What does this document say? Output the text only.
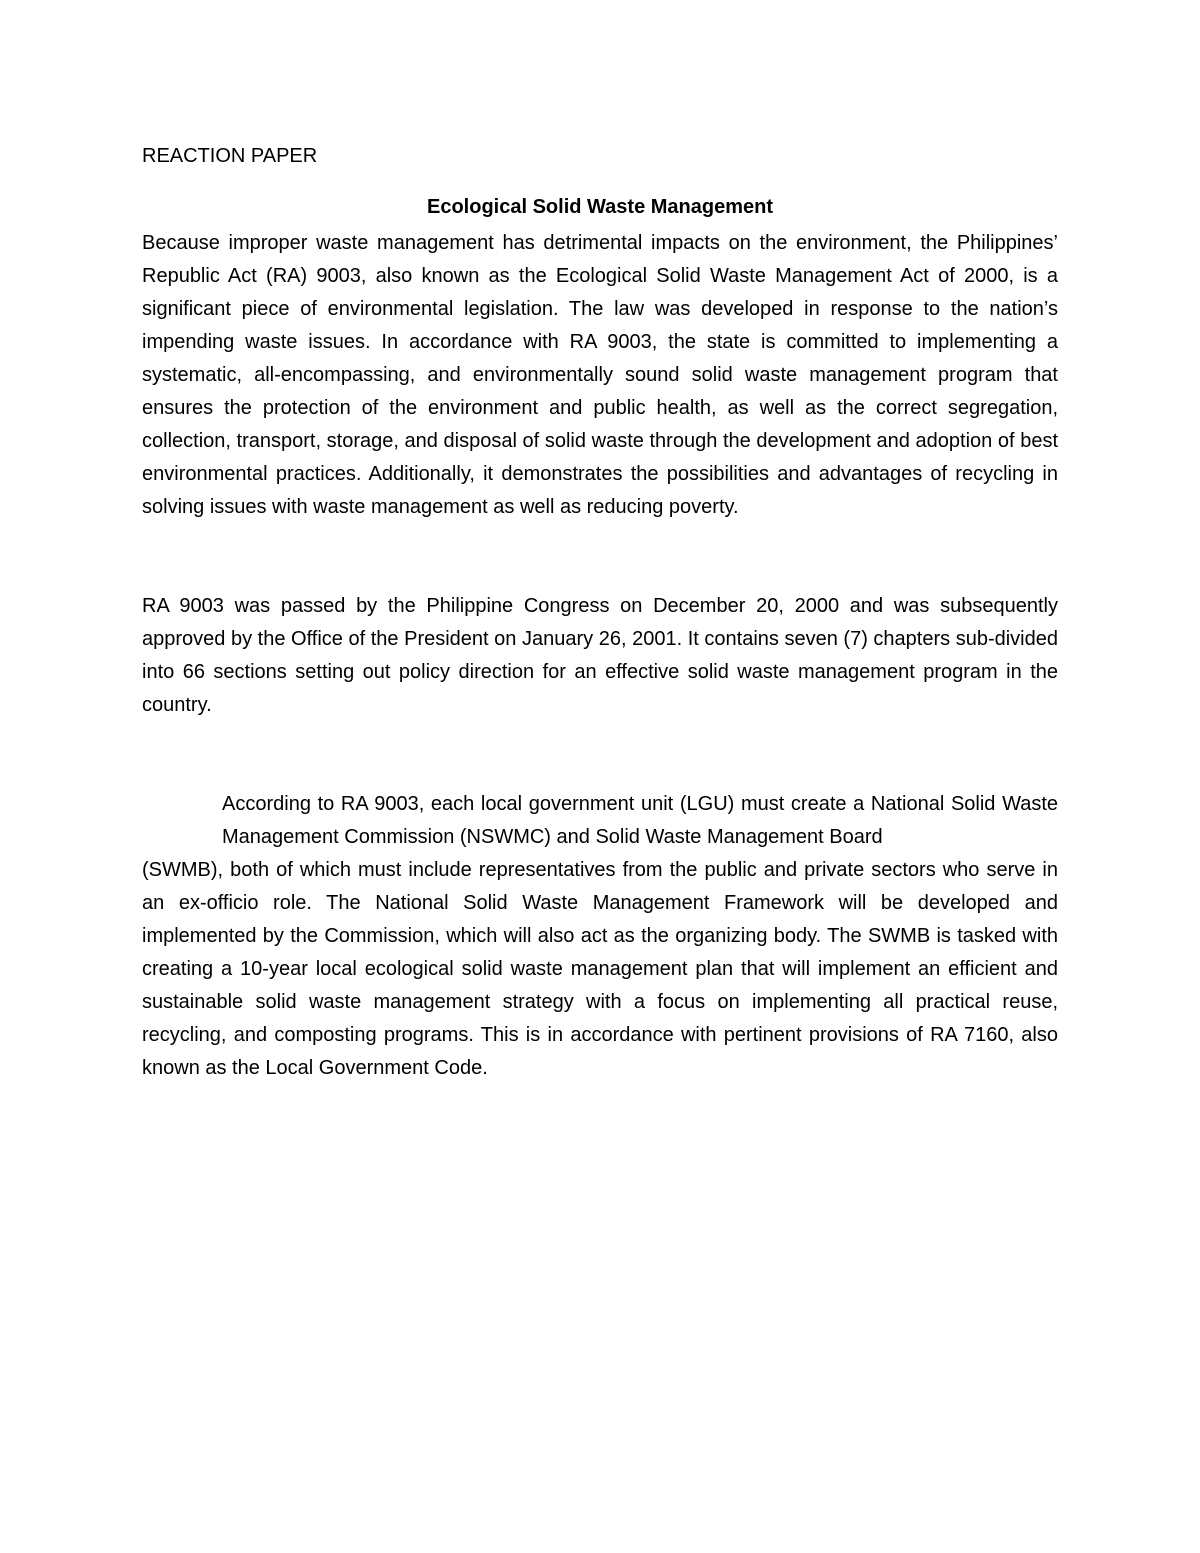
REACTION PAPER

Ecological Solid Waste Management

Because improper waste management has detrimental impacts on the environment, the Philippines’ Republic Act (RA) 9003, also known as the Ecological Solid Waste Management Act of 2000, is a significant piece of environmental legislation. The law was developed in response to the nation’s impending waste issues. In accordance with RA 9003, the state is committed to implementing a systematic, all-encompassing, and environmentally sound solid waste management program that ensures the protection of the environment and public health, as well as the correct segregation, collection, transport, storage, and disposal of solid waste through the development and adoption of best environmental practices. Additionally, it demonstrates the possibilities and advantages of recycling in solving issues with waste management as well as reducing poverty.

RA 9003 was passed by the Philippine Congress on December 20, 2000 and was subsequently approved by the Office of the President on January 26, 2001. It contains seven (7) chapters sub-divided into 66 sections setting out policy direction for an effective solid waste management program in the country.

According to RA 9003, each local government unit (LGU) must create a National Solid Waste Management Commission (NSWMC) and Solid Waste Management Board
(SWMB), both of which must include representatives from the public and private sectors who serve in an ex-officio role. The National Solid Waste Management Framework will be developed and implemented by the Commission, which will also act as the organizing body. The SWMB is tasked with creating a 10-year local ecological solid waste management plan that will implement an efficient and sustainable solid waste management strategy with a focus on implementing all practical reuse, recycling, and composting programs. This is in accordance with pertinent provisions of RA 7160, also known as the Local Government Code.
